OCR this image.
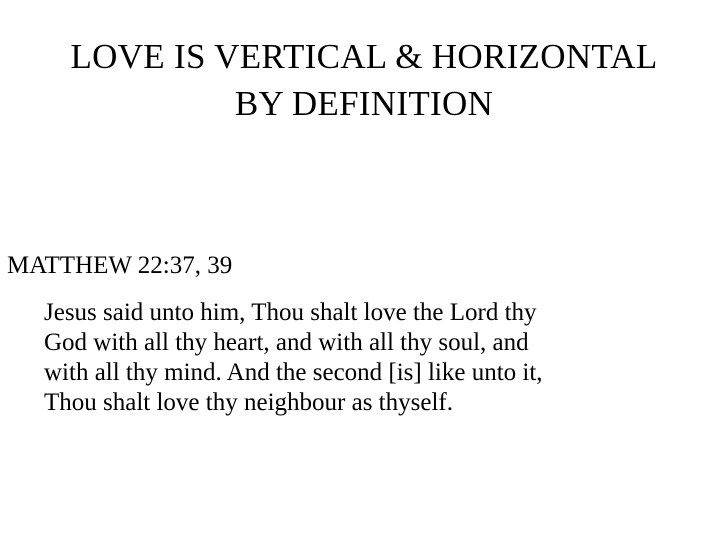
LOVE IS VERTICAL & HORIZONTAL
BY DEFINITION

MATTHEW 22:37, 39

Jesus said unto him, Thou shalt love the Lord thy
God with all thy heart, and with all thy soul, and
with all thy mind. And the second [is] like unto it,
Thou shalt love thy neighbour as thyself.
